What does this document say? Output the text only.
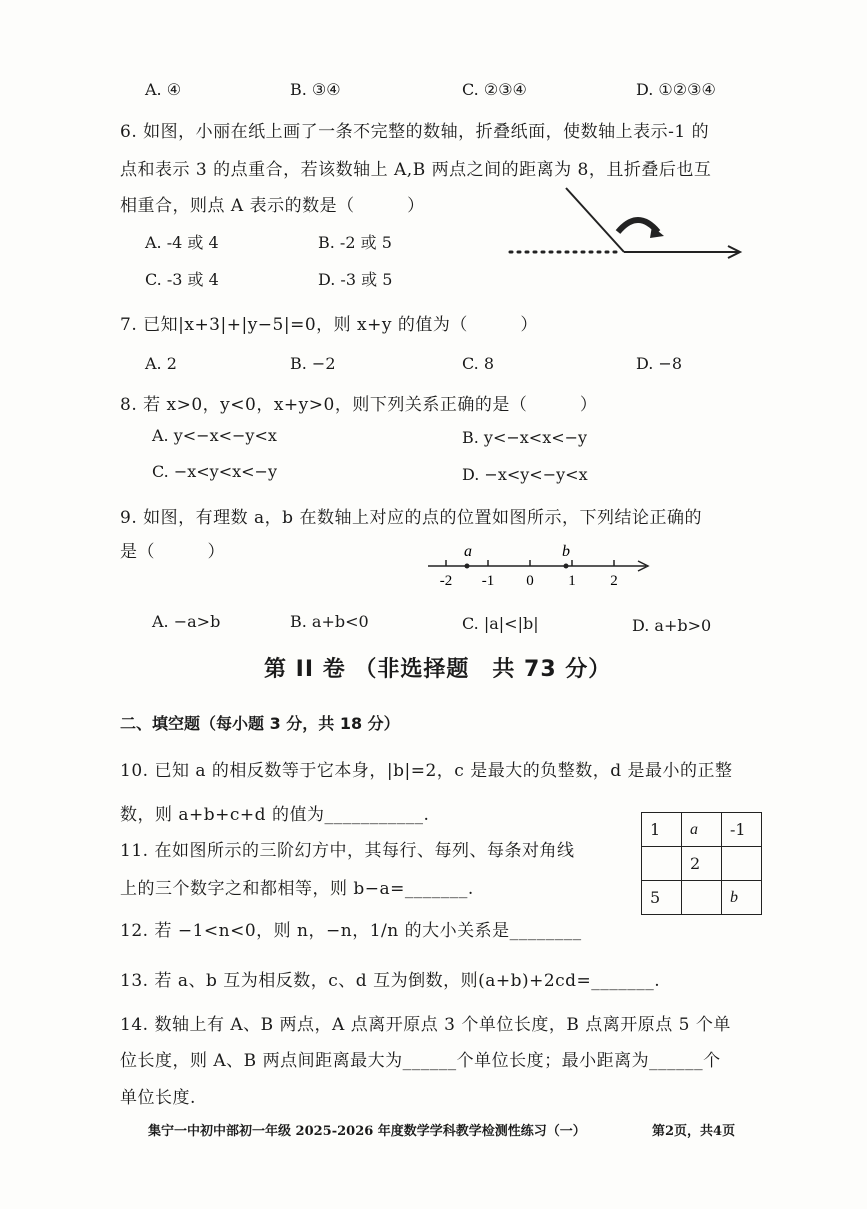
A. ④	B. ③④	C. ②③④	D. ①②③④
6. 如图，小丽在纸上画了一条不完整的数轴，折叠纸面，使数轴上表示-1 的
点和表示 3 的点重合，若该数轴上 A,B 两点之间的距离为 8，且折叠后也互
相重合，则点 A 表示的数是（　　　）
A. -4 或 4	B. -2 或 5
C. -3 或 4	D. -3 或 5
7. 已知|x+3|+|y−5|=0，则 x+y 的值为（　　　）
A. 2	B. −2	C. 8	D. −8
8. 若 x>0，y<0，x+y>0，则下列关系正确的是（　　　）
A. y<−x<−y<x	B. y<−x<x<−y
C. −x<y<x<−y	D. −x<y<−y<x
9. 如图，有理数 a，b 在数轴上对应的点的位置如图所示，下列结论正确的
是（　　　）
-2 -1 0 1 2
a	b
A. −a>b	B. a+b<0	C. |a|<|b|	D. a+b>0
第 II 卷 （非选择题　共 73 分）
二、填空题（每小题 3 分，共 18 分）
10. 已知 a 的相反数等于它本身，|b|=2，c 是最大的负整数，d 是最小的正整
数，则 a+b+c+d 的值为___________.
11. 在如图所示的三阶幻方中，其每行、每列、每条对角线
上的三个数字之和都相等，则 b−a=_______.
1	a	-1
	2	
5		b
12. 若 −1<n<0，则 n，−n，1/n 的大小关系是________
13. 若 a、b 互为相反数，c、d 互为倒数，则(a+b)+2cd=_______.
14. 数轴上有 A、B 两点，A 点离开原点 3 个单位长度，B 点离开原点 5 个单
位长度，则 A、B 两点间距离最大为______个单位长度；最小距离为______个
单位长度.
集宁一中初中部初一年级 2025-2026 年度数学学科教学检测性练习（一）	第2页，共4页
